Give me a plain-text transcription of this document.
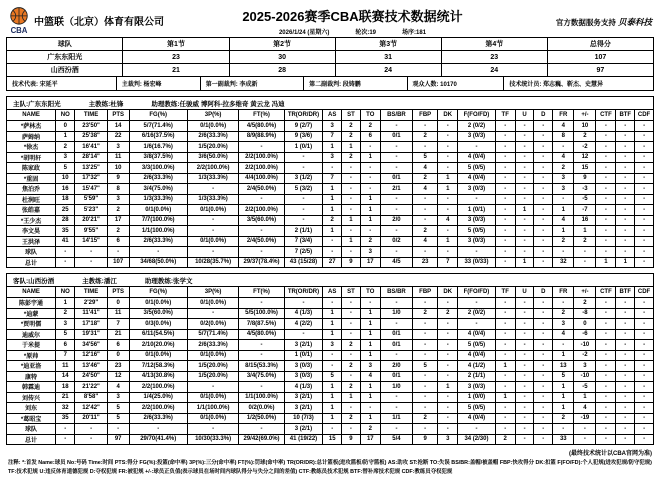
CBA
中篮联（北京）体育有限公司	2025-2026赛季CBA联赛技术数据统计
2026/1/24 (星期六)	轮次:19	场序:181
官方数据服务支持 贝泰科技
球队	第1节	第2节	第3节	第4节	总得分
广东东阳光	23	30	31	23	107
山西汾酒	21	28	24	24	97
技术代表: 宋延平	主裁判: 杨宏峰	第一副裁判: 李成新	第二副裁判: 段铸鹏	观众人数: 10170	技术统计员: 郑志巍、靳杰、史慧异
主队:广东东阳光	主教练:杜锋	助理教练:任骏威 博阿科-拉多维奇 黄云龙 冯迪
NAME	NO	TIME	PTS	FG(%)	3P(%)	FT(%)	TR(OR/DR)	AS	ST	TO	BS/BR	FBP	DK	F(FO/FD)	TF	U	D	FR	+/-	CTF	BTF	CDF
*萨林杰	0	23'50"	14	5/7(71.4%)	0/1(0.0%)	4/5(80.0%)	9 (2/7)	3	2	2	-	-	-	2 (0/2)	-	-	-	4	10	-	-	-
萨姆纳	1	25'38"	22	6/16(37.5%)	2/6(33.3%)	8/9(88.9%)	9 (3/6)	7	2	6	0/1	2	-	3 (0/3)	-	-	-	8	2	-	-	-
*徐杰	2	16'41"	3	1/6(16.7%)	1/5(20.0%)	-	1 (0/1)	1	1	-	-	-	-	-	-	-	-	-	-2	-	-	-
*胡明轩	3	28'14"	11	3/8(37.5%)	3/6(50.0%)	2/2(100.0%)	-	3	2	1	-	5	-	4 (0/4)	-	-	-	4	12	-	-	-
陈家政	5	13'25"	10	3/3(100.0%)	2/2(100.0%)	2/2(100.0%)	-	-	-	-	-	4	-	5 (0/5)	-	-	-	2	15	-	-	-
*重固	10	17'32"	9	2/6(33.3%)	1/3(33.3%)	4/4(100.0%)	3 (1/2)	7	-	-	0/1	2	1	4 (0/4)	-	-	-	3	9	-	-	-
焦泊乔	16	15'47"	8	3/4(75.0%)	-	2/4(50.0%)	5 (3/2)	1	-	-	2/1	4	1	3 (0/3)	-	-	-	3	-3	-	-	-
杜润旺	18	5'59"	3	1/3(33.3%)	1/3(33.3%)	-	-	1	-	1	-	-	-	-	-	-	-	-	-5	-	-	-
张皓嘉	25	5'23"	2	0/1(0.0%)	0/1(0.0%)	2/2(100.0%)	-	1	-	1	-	-	-	1 (0/1)	-	1	-	1	-7	-	-	-
*王少杰	28	20'21"	17	7/7(100.0%)	-	3/5(60.0%)	-	2	1	1	2/0	-	4	3 (0/3)	-	-	-	4	16	-	-	-
李文昊	35	9'55"	2	1/1(100.0%)	-	-	2 (1/1)	1	-	-	-	2	-	5 (0/5)	-	-	-	1	1	-	-	-
王洪泽	41	14'15"	6	2/6(33.3%)	0/1(0.0%)	2/4(50.0%)	7 (3/4)	-	1	2	0/2	4	1	3 (0/3)	-	-	-	2	2	-	-	-
球队	-	-	-	-	-	-	7 (2/5)	-	-	3	-	-	-	-	-	-	-	-	-	-	-	-
总计	-	-	107	34/68(50.0%)	10/28(35.7%)	29/37(78.4%)	43 (15/28)	27	9	17	4/5	23	7	33 (0/33)	-	1	-	32	-	1	1	-
客队:山西汾酒	主教练:潘江	助理教练:张学文
NAME	NO	TIME	PTS	FG(%)	3P(%)	FT(%)	TR(OR/DR)	AS	ST	TO	BS/BR	FBP	DK	F(FO/FD)	TF	U	D	FR	+/-	CTF	BTF	CDF
陈彭宇通	1	2'29"	0	0/1(0.0%)	0/1(0.0%)	-	-	-	-	-	-	-	-	-	-	-	-	-	2	-	-	-
*迪蒙	2	11'41"	11	3/5(60.0%)	-	5/5(100.0%)	4 (1/3)	1	-	1	1/0	2	2	2 (0/2)	-	-	-	2	-8	-	-	-
*贾明儒	3	17'18"	7	0/3(0.0%)	0/2(0.0%)	7/8(87.5%)	4 (2/2)	1	-	1	-	-	-	-	-	-	-	3	0	-	-	-
迪威尔	5	19'31"	21	6/11(54.5%)	5/7(71.4%)	4/5(80.0%)	-	1	-	1	0/1	-	-	4 (0/4)	-	-	-	4	-6	-	-	-
于米提	6	34'56"	6	2/10(20.0%)	2/6(33.3%)	-	3 (2/1)	3	2	1	0/1	-	-	5 (0/5)	-	-	-	-	-10	-	-	-
*原帅	7	12'16"	0	0/1(0.0%)	0/1(0.0%)	-	1 (0/1)	-	-	1	-	-	-	4 (0/4)	-	-	-	1	-2	-	-	-
*迪亚洛	11	13'46"	23	7/12(58.3%)	1/5(20.0%)	8/15(53.3%)	3 (0/3)	-	2	3	2/0	5	-	4 (1/2)	1	-	-	13	3	-	-	-
康特	14	24'50"	12	4/13(30.8%)	1/5(20.0%)	3/4(75.0%)	3 (0/3)	5	-	4	0/1	-	-	2 (1/1)	-	-	-	5	-10	-	-	-
韩霖迪	18	21'22"	4	2/2(100.0%)	-	-	4 (1/3)	1	2	1	1/0	-	1	3 (0/3)	-	-	-	1	-5	-	-	-
刘传兴	21	8'58"	3	1/4(25.0%)	0/1(0.0%)	1/1(100.0%)	3 (2/1)	1	1	1	-	-	-	1 (0/0)	1	-	-	1	1	-	-	-
刘东	32	12'42"	5	2/2(100.0%)	1/1(100.0%)	0/2(0.0%)	3 (2/1)	1	-	-	-	-	-	5 (0/5)	-	-	-	1	4	-	-	-
*葛昭宝	35	20'11"	5	2/6(33.3%)	0/1(0.0%)	1/2(50.0%)	10 (7/3)	1	2	1	1/1	2	-	4 (0/4)	-	-	-	2	-19	-	-	-
球队	-	-	-	-	-	-	3 (2/1)	-	-	2	-	-	-	-	-	-	-	-	-	-	-	-
总计	-	-	97	29/70(41.4%)	10/30(33.3%)	29/42(69.0%)	41 (19/22)	15	9	17	5/4	9	3	34 (2/30)	2	-	-	33	-	-	-	-
(最终技术统计以CBA官网为准)
注释: *:首发 Name:球员 No:号码 Time:时间 PTS:得分 FG(%):投篮(命中率) 3P(%):三分(命中率) FT(%):罚球(命中率) TR(OR/DR):总计篮板(进攻篮板/防守篮板) AS:助攻 ST:抢断 TO:失误 BS/BR:盖帽/被盖帽 FBP:快攻得分 DK:扣篮 F(FO/FD):个人犯规(进攻犯规/防守犯规)
TF:技术犯规 U:违反体育道德犯规 D:夺权犯规 FR:被犯规 +/-:球员正负值(表示球员在场时间内球队得分与失分之间的差值) CTF:教练员技术犯规 BTF:替补席技术犯规 CDF:教练员夺权犯规
